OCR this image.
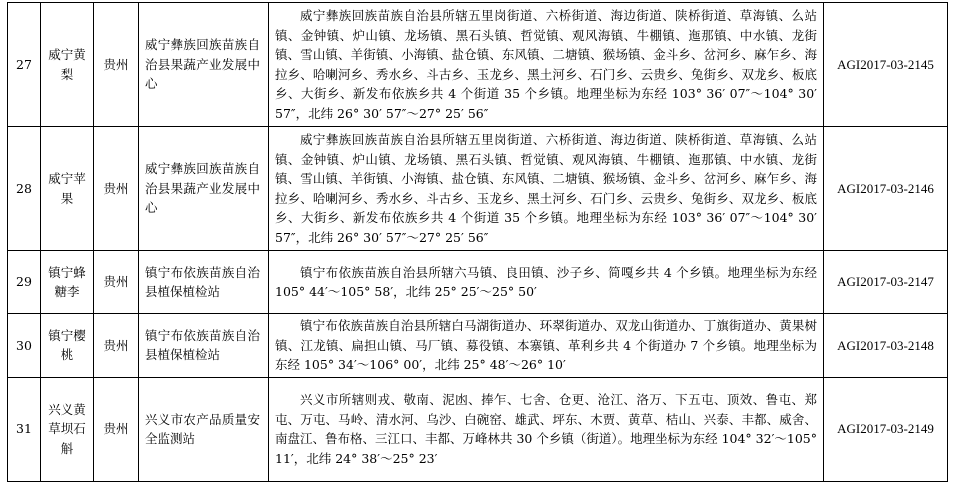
27	威宁黄梨	贵州	威宁彝族回族苗族自治县果蔬产业发展中心	威宁彝族回族苗族自治县所辖五里岗街道、六桥街道、海边街道、陕桥街道、草海镇、么站镇、金钟镇、炉山镇、龙场镇、黑石头镇、哲觉镇、观风海镇、牛棚镇、迤那镇、中水镇、龙街镇、雪山镇、羊街镇、小海镇、盐仓镇、东风镇、二塘镇、猴场镇、金斗乡、岔河乡、麻乍乡、海拉乡、哈喇河乡、秀水乡、斗古乡、玉龙乡、黑土河乡、石门乡、云贵乡、兔街乡、双龙乡、板底乡、大街乡、新发布依族乡共 4 个街道 35 个乡镇。地理坐标为东经 103° 36′ 07″～104° 30′ 57″，北纬 26° 30′ 57″～27° 25′ 56″	AGI2017-03-2145
28	威宁苹果	贵州	威宁彝族回族苗族自治县果蔬产业发展中心	威宁彝族回族苗族自治县所辖五里岗街道、六桥街道、海边街道、陕桥街道、草海镇、么站镇、金钟镇、炉山镇、龙场镇、黑石头镇、哲觉镇、观风海镇、牛棚镇、迤那镇、中水镇、龙街镇、雪山镇、羊街镇、小海镇、盐仓镇、东风镇、二塘镇、猴场镇、金斗乡、岔河乡、麻乍乡、海拉乡、哈喇河乡、秀水乡、斗古乡、玉龙乡、黑土河乡、石门乡、云贵乡、兔街乡、双龙乡、板底乡、大街乡、新发布依族乡共 4 个街道 35 个乡镇。地理坐标为东经 103° 36′ 07″～104° 30′ 57″，北纬 26° 30′ 57″～27° 25′ 56″	AGI2017-03-2146
29	镇宁蜂糖李	贵州	镇宁布依族苗族自治县植保植检站	镇宁布依族苗族自治县所辖六马镇、良田镇、沙子乡、简嘎乡共 4 个乡镇。地理坐标为东经 105° 44′～105° 58′，北纬 25° 25′～25° 50′	AGI2017-03-2147
30	镇宁樱桃	贵州	镇宁布依族苗族自治县植保植检站	镇宁布依族苗族自治县所辖白马湖街道办、环翠街道办、双龙山街道办、丁旗街道办、黄果树镇、江龙镇、扁担山镇、马厂镇、募役镇、本寨镇、革利乡共 4 个街道办 7 个乡镇。地理坐标为东经 105° 34′～106° 00′，北纬 25° 48′～26° 10′	AGI2017-03-2148
31	兴义黄草坝石斛	贵州	兴义市农产品质量安全监测站	兴义市所辖则戎、敬南、泥凼、捧乍、七舍、仓更、沧江、洛万、下五屯、顶效、鲁屯、郑屯、万屯、马岭、清水河、乌沙、白碗窑、雄武、坪东、木贾、黄草、桔山、兴泰、丰都、威舍、南盘江、鲁布格、三江口、丰都、万峰林共 30 个乡镇（街道）。地理坐标为东经 104° 32′～105° 11′，北纬 24° 38′～25° 23′	AGI2017-03-2149
